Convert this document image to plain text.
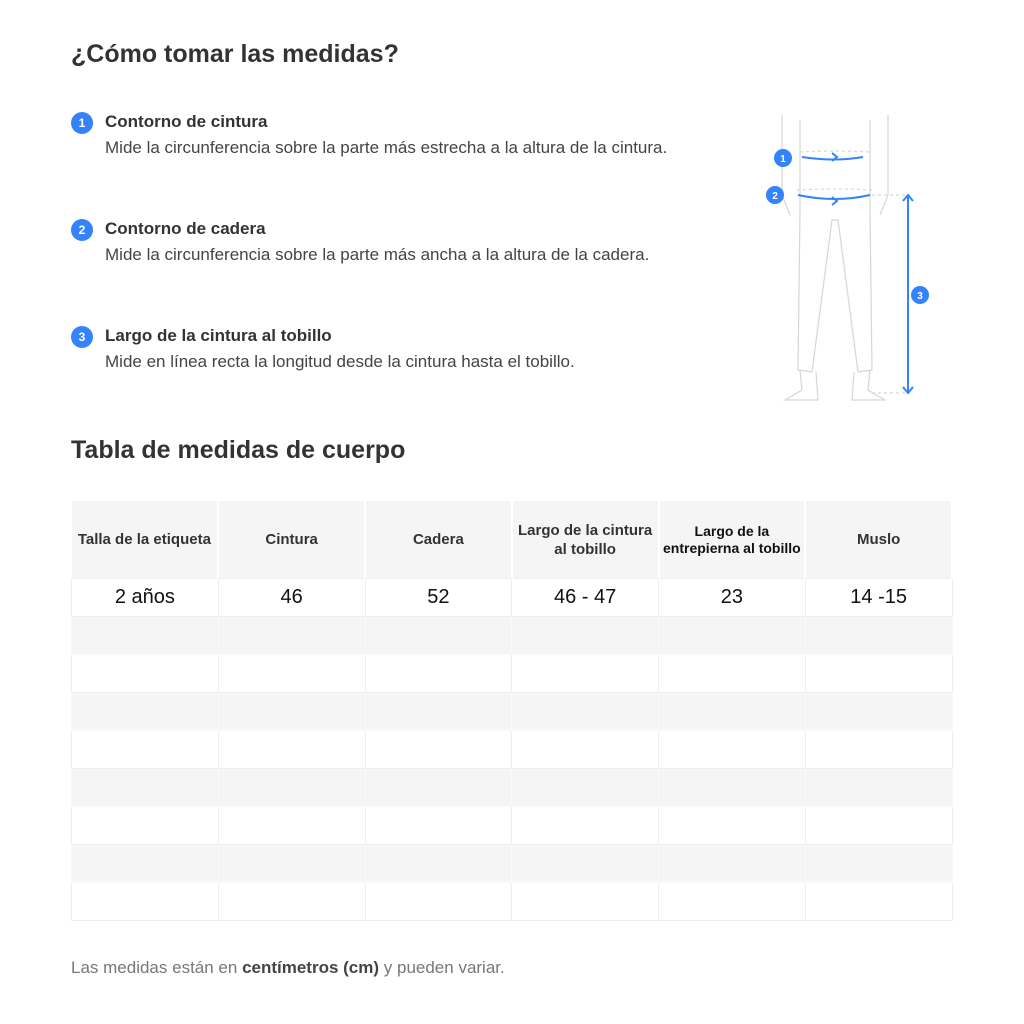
¿Cómo tomar las medidas?
1	Contorno de cintura
Mide la circunferencia sobre la parte más estrecha a la altura de la cintura.
2	Contorno de cadera
Mide la circunferencia sobre la parte más ancha a la altura de la cadera.
3	Largo de la cintura al tobillo
Mide en línea recta la longitud desde la cintura hasta el tobillo.
1
2
3
Tabla de medidas de cuerpo
Talla de la etiqueta	Cintura	Cadera	Largo de la cintura al tobillo	Largo de la entrepierna al tobillo	Muslo
2 años	46	52	46 - 47	23	14 -15

Las medidas están en centímetros (cm) y pueden variar.
